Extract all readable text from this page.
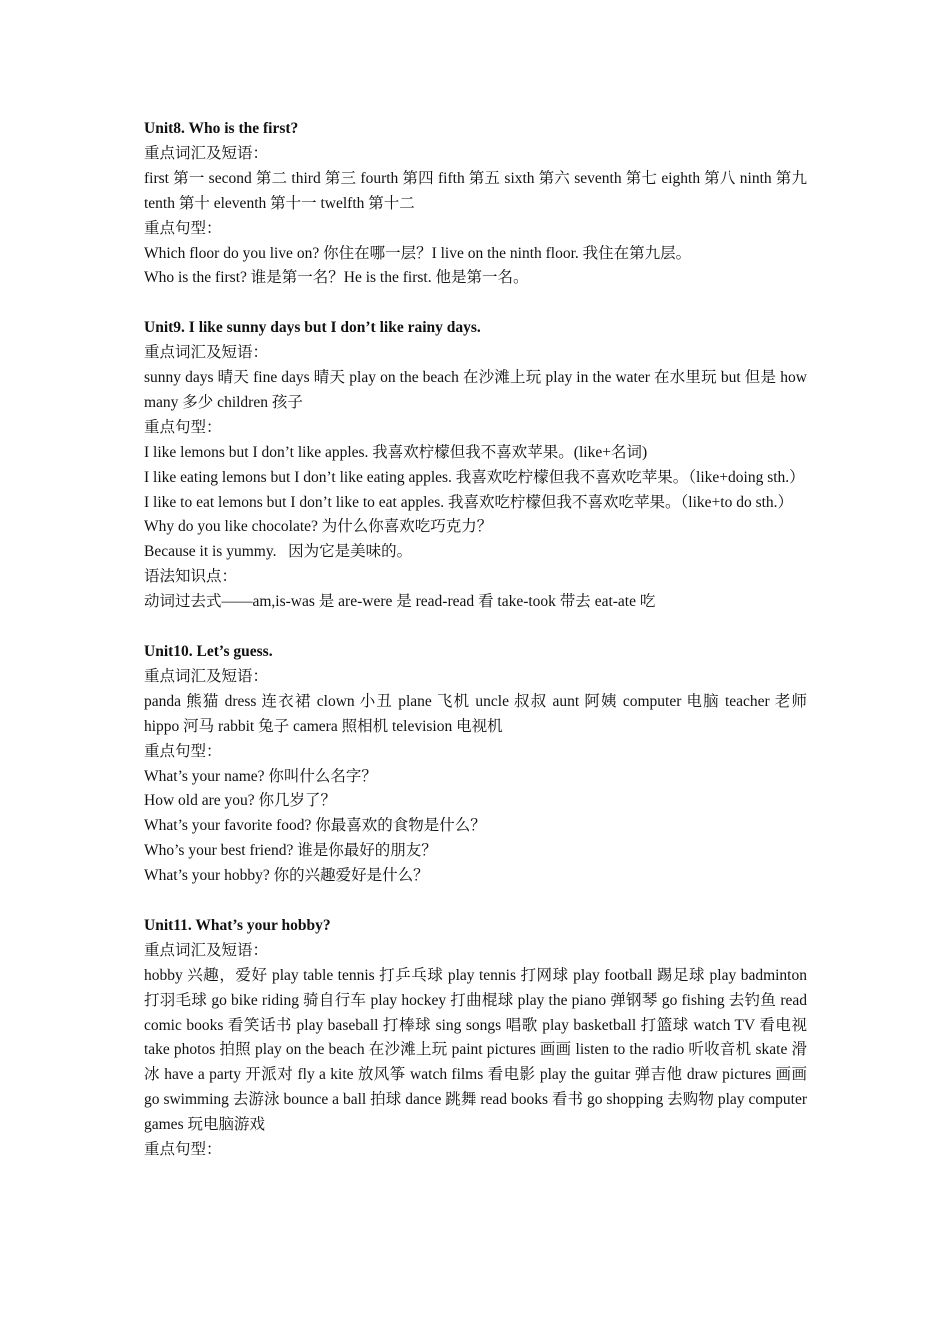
Unit8. Who is the first?

重点词汇及短语：

first 第一 second 第二 third 第三 fourth 第四 fifth 第五 sixth 第六 seventh 第七 eighth 第八 ninth 第九 tenth 第十 eleventh 第十一 twelfth 第十二

重点句型：

Which floor do you live on? 你住在哪一层？I live on the ninth floor. 我住在第九层。

Who is the first? 谁是第一名？He is the first. 他是第一名。

Unit9. I like sunny days but I don’t like rainy days.

重点词汇及短语：

sunny days 晴天 fine days 晴天 play on the beach 在沙滩上玩 play in the water 在水里玩 but 但是 how many 多少 children 孩子

重点句型：

I like lemons but I don’t like apples. 我喜欢柠檬但我不喜欢苹果。(like+名词)

I like eating lemons but I don’t like eating apples. 我喜欢吃柠檬但我不喜欢吃苹果。（like+doing sth.）

I like to eat lemons but I don’t like to eat apples. 我喜欢吃柠檬但我不喜欢吃苹果。（like+to do sth.）

Why do you like chocolate? 为什么你喜欢吃巧克力？

Because it is yummy.   因为它是美味的。

语法知识点：

动词过去式——am,is-was 是 are-were 是 read-read 看 take-took 带去 eat-ate 吃

Unit10. Let’s guess.

重点词汇及短语：

panda 熊猫 dress 连衣裙 clown 小丑 plane 飞机 uncle 叔叔 aunt 阿姨 computer 电脑 teacher 老师 hippo 河马 rabbit 兔子 camera 照相机 television 电视机

重点句型：

What’s your name? 你叫什么名字？

How old are you? 你几岁了？

What’s your favorite food? 你最喜欢的食物是什么？

Who’s your best friend? 谁是你最好的朋友？

What’s your hobby? 你的兴趣爱好是什么？

Unit11. What’s your hobby?

重点词汇及短语：

hobby 兴趣，爱好 play table tennis 打乒乓球 play tennis 打网球 play football 踢足球 play badminton 打羽毛球 go bike riding 骑自行车 play hockey 打曲棍球 play the piano 弹钢琴 go fishing 去钓鱼 read comic books 看笑话书 play baseball 打棒球 sing songs 唱歌 play basketball 打篮球 watch TV 看电视 take photos 拍照 play on the beach 在沙滩上玩 paint pictures 画画 listen to the radio 听收音机 skate 滑冰 have a party 开派对 fly a kite 放风筝 watch films 看电影 play the guitar 弹吉他 draw pictures 画画 go swimming 去游泳 bounce a ball 拍球 dance 跳舞 read books 看书 go shopping 去购物 play computer games 玩电脑游戏

重点句型：
